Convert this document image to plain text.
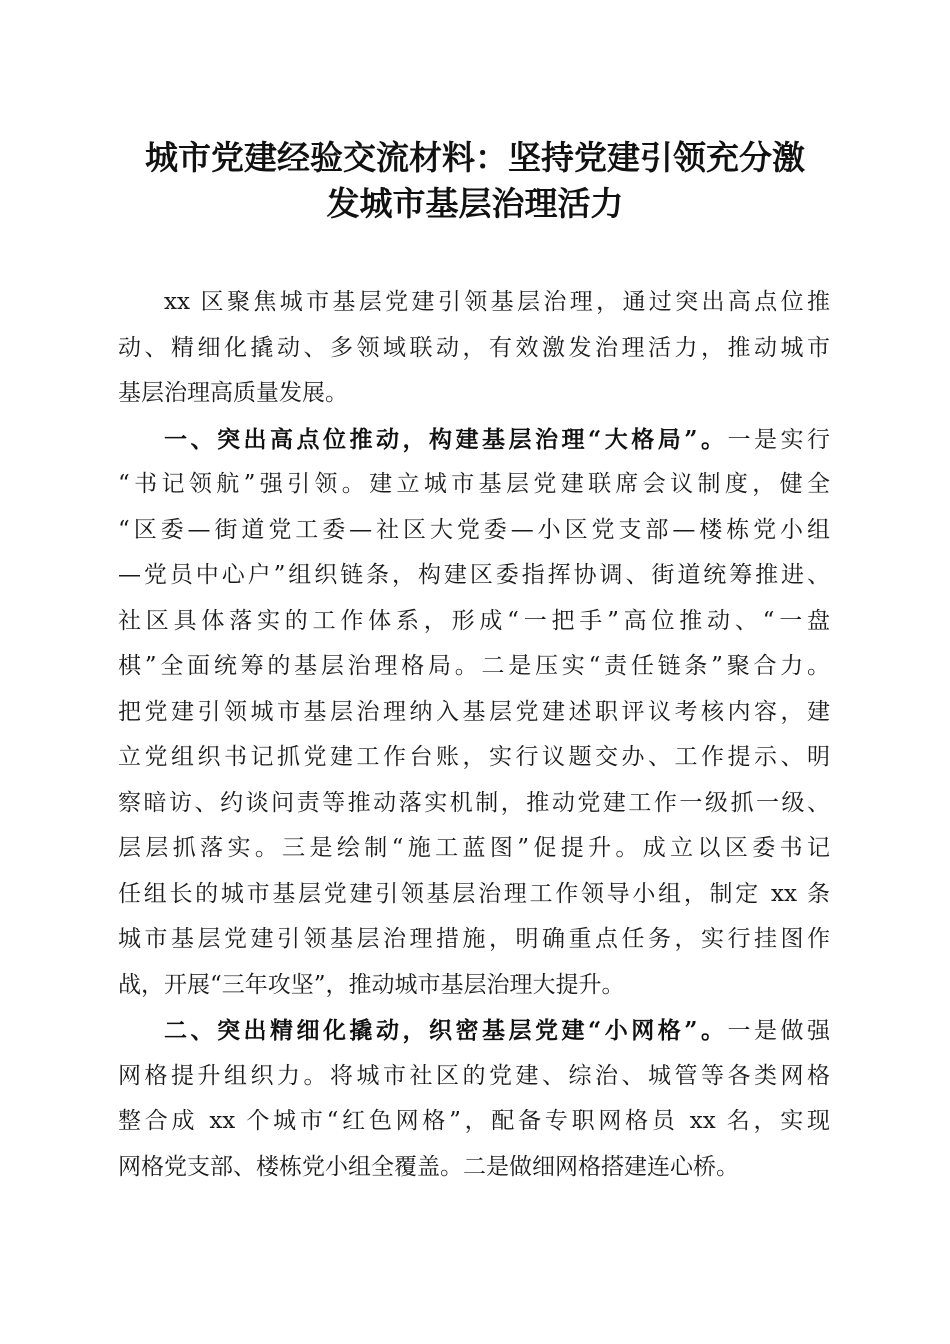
城市党建经验交流材料：坚持党建引领充分激
发城市基层治理活力
xx 区聚焦城市基层党建引领基层治理，通过突出高点位推
动、精细化撬动、多领域联动，有效激发治理活力，推动城市
基层治理高质量发展。
一、突出高点位推动，构建基层治理“大格局”。一是实行
“书记领航”强引领。建立城市基层党建联席会议制度，健全
“区委—街道党工委—社区大党委—小区党支部—楼栋党小组
—党员中心户”组织链条，构建区委指挥协调、街道统筹推进、
社区具体落实的工作体系，形成“一把手”高位推动、“一盘
棋”全面统筹的基层治理格局。二是压实“责任链条”聚合力。
把党建引领城市基层治理纳入基层党建述职评议考核内容，建
立党组织书记抓党建工作台账，实行议题交办、工作提示、明
察暗访、约谈问责等推动落实机制，推动党建工作一级抓一级、
层层抓落实。三是绘制“施工蓝图”促提升。成立以区委书记
任组长的城市基层党建引领基层治理工作领导小组，制定 xx 条
城市基层党建引领基层治理措施，明确重点任务，实行挂图作
战，开展“三年攻坚”，推动城市基层治理大提升。
二、突出精细化撬动，织密基层党建“小网格”。一是做强
网格提升组织力。将城市社区的党建、综治、城管等各类网格
整合成 xx 个城市“红色网格”，配备专职网格员 xx 名，实现
网格党支部、楼栋党小组全覆盖。二是做细网格搭建连心桥。
